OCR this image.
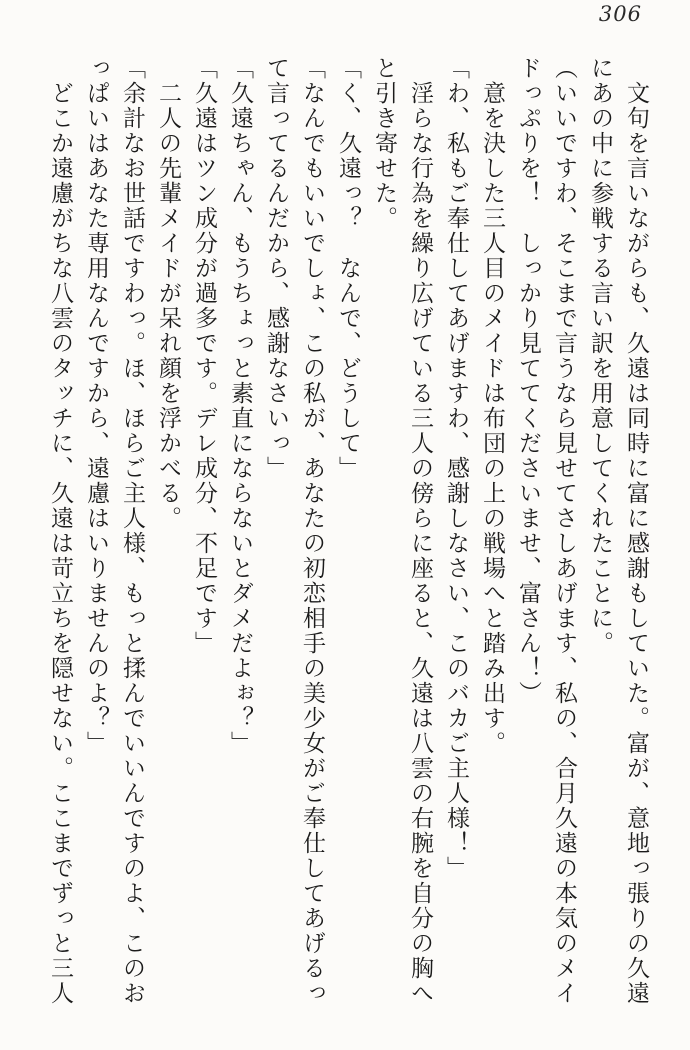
306
文句を言いながらも、久遠は同時に富に感謝もしていた。富が、意地っ張りの久遠
にあの中に参戦する言い訳を用意してくれたことに。
（いいですわ、そこまで言うなら見せてさしあげます、私の、合月久遠の本気のメイ
ドっぷりを！　しっかり見ててくださいませ、富さん！）
意を決した三人目のメイドは布団の上の戦場へと踏み出す。
「わ、私もご奉仕してあげますわ、感謝しなさい、このバカご主人様！」
淫らな行為を繰り広げている三人の傍らに座ると、久遠は八雲の右腕を自分の胸へ
と引き寄せた。
「く、久遠っ？　なんで、どうして」
「なんでもいいでしょ、この私が、あなたの初恋相手の美少女がご奉仕してあげるっ
て言ってるんだから、感謝なさいっ」
「久遠ちゃん、もうちょっと素直にならないとダメだよぉ？」
「久遠はツン成分が過多です。デレ成分、不足です」
二人の先輩メイドが呆れ顔を浮かべる。
「余計なお世話ですわっ。ほ、ほらご主人様、もっと揉んでいいんですのよ、このお
っぱいはあなた専用なんですから、遠慮はいりませんのよ？」
どこか遠慮がちな八雲のタッチに、久遠は苛立ちを隠せない。ここまでずっと三人
